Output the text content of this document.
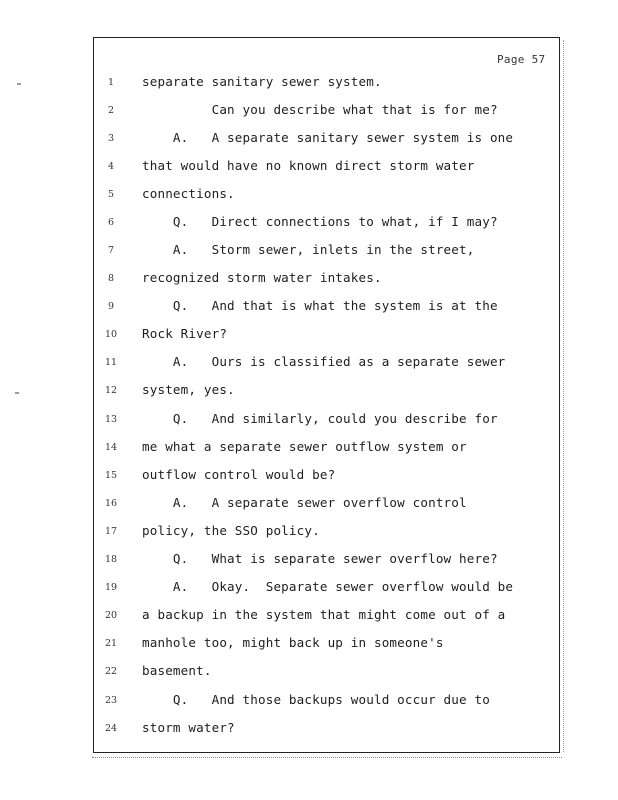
Page 57
1	separate sanitary sewer system.
2	Can you describe what that is for me?
3	A.   A separate sanitary sewer system is one
4	that would have no known direct storm water
5	connections.
6	Q.   Direct connections to what, if I may?
7	A.   Storm sewer, inlets in the street,
8	recognized storm water intakes.
9	Q.   And that is what the system is at the
10	Rock River?
11	A.   Ours is classified as a separate sewer
12	system, yes.
13	Q.   And similarly, could you describe for
14	me what a separate sewer outflow system or
15	outflow control would be?
16	A.   A separate sewer overflow control
17	policy, the SSO policy.
18	Q.   What is separate sewer overflow here?
19	A.   Okay.  Separate sewer overflow would be
20	a backup in the system that might come out of a
21	manhole too, might back up in someone's
22	basement.
23	Q.   And those backups would occur due to
24	storm water?
